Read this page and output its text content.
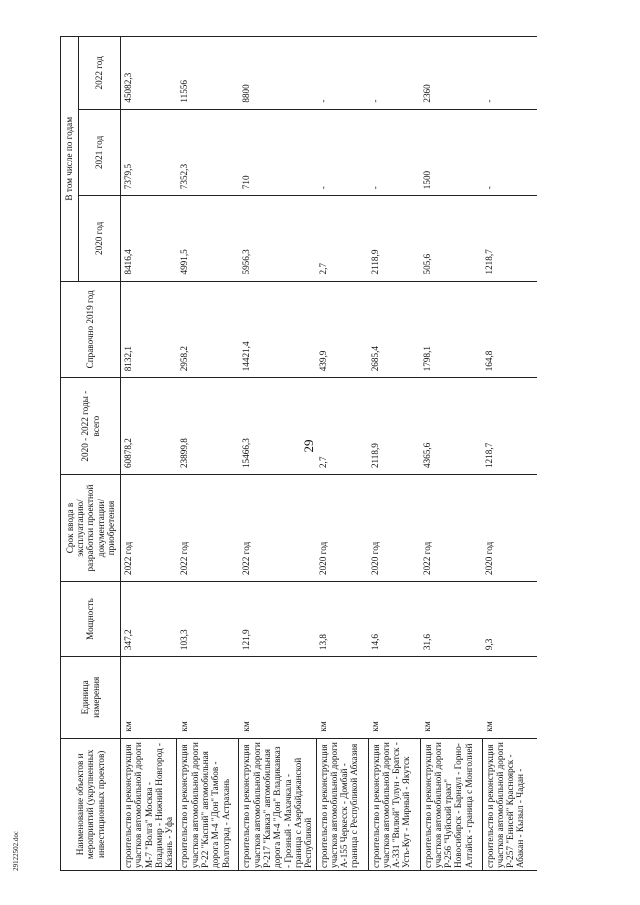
29
29122502.doc	Наименование объектов и мероприятий (укрупненных инвестиционных проектов)	Единица измерения	Мощность	Срок ввода в эксплуатацию/ разработки проектной документации/ приобретения	2020 - 2022 годы - всего	Справочно 2019 год	В том числе по годам		
						2020 год	2021 год	2022 год
строительство и реконструкция участков автомобильной дороги М-7 "Волга" Москва - Владимир - Нижний Новгород - Казань - Уфа	км	347,2	2022 год	60878,2	8132,1	8416,4	7379,5	45082,3
строительство и реконструкция участков автомобильной дороги Р-22 "Каспий" автомобильная дорога М-4 "Дон" Тамбов - Волгоград - Астрахань	км	103,3	2022 год	23899,8	2958,2	4991,5	7352,3	11556
строительство и реконструкция участков автомобильной дороги Р-217 "Кавказ" автомобильная дорога М-4 "Дон" Владикавказ - Грозный - Махачкала - граница с Азербайджанской Республикой	км	121,9	2022 год	15466,3	14421,4	5956,3	710	8800
строительство и реконструкция участков автомобильной дороги А-155 Черкесск - Домбай - граница с Республикой Абхазия	км	13,8	2020 год	2,7	439,9	2,7	-	-
строительство и реконструкция участков автомобильной дороги А-331 "Вилюй" Тулун - Братск - Усть-Кут - Мирный - Якутск	км	14,6	2020 год	2118,9	2685,4	2118,9	-	-
строительство и реконструкция участков автомобильной дороги Р-256 "Чуйский тракт" Новосибирск - Барнаул - Горно-Алтайск - граница с Монголией	км	31,6	2022 год	4365,6	1798,1	505,6	1500	2360
строительство и реконструкция участков автомобильной дороги Р-257 "Енисей" Красноярск - Абакан - Кызыл - Чадан -	км	9,3	2020 год	1218,7	164,8	1218,7	-	-
